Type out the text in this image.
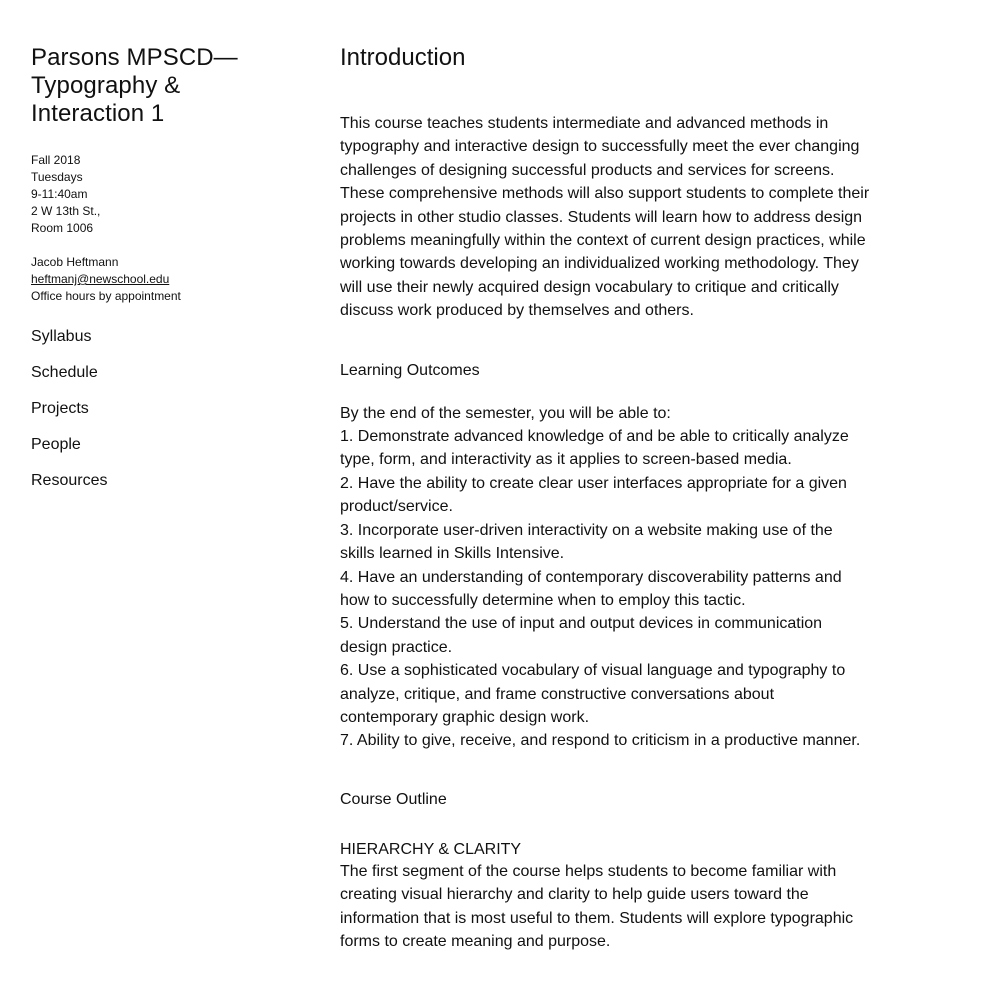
Parsons MPSCD— Typography & Interaction 1
Fall 2018
Tuesdays
9-11:40am
2 W 13th St.,
Room 1006
Jacob Heftmann
heftmanj@newschool.edu
Office hours by appointment
Syllabus
Schedule
Projects
People
Resources
Introduction

This course teaches students intermediate and advanced methods in typography and interactive design to successfully meet the ever changing challenges of designing successful products and services for screens. These comprehensive methods will also support students to complete their projects in other studio classes. Students will learn how to address design problems meaningfully within the context of current design practices, while working towards developing an individualized working methodology. They will use their newly acquired design vocabulary to critique and critically discuss work produced by themselves and others.

Learning Outcomes
By the end of the semester, you will be able to:
1. Demonstrate advanced knowledge of and be able to critically analyze type, form, and interactivity as it applies to screen-based media.
2. Have the ability to create clear user interfaces appropriate for a given product/service.
3. Incorporate user-driven interactivity on a website making use of the skills learned in Skills Intensive.
4. Have an understanding of contemporary discoverability patterns and how to successfully determine when to employ this tactic.
5. Understand the use of input and output devices in communication design practice.
6. Use a sophisticated vocabulary of visual language and typography to analyze, critique, and frame constructive conversations about contemporary graphic design work.
7. Ability to give, receive, and respond to criticism in a productive manner.
Course Outline
HIERARCHY & CLARITY

The first segment of the course helps students to become familiar with creating visual hierarchy and clarity to help guide users toward the information that is most useful to them. Students will explore typographic forms to create meaning and purpose.
